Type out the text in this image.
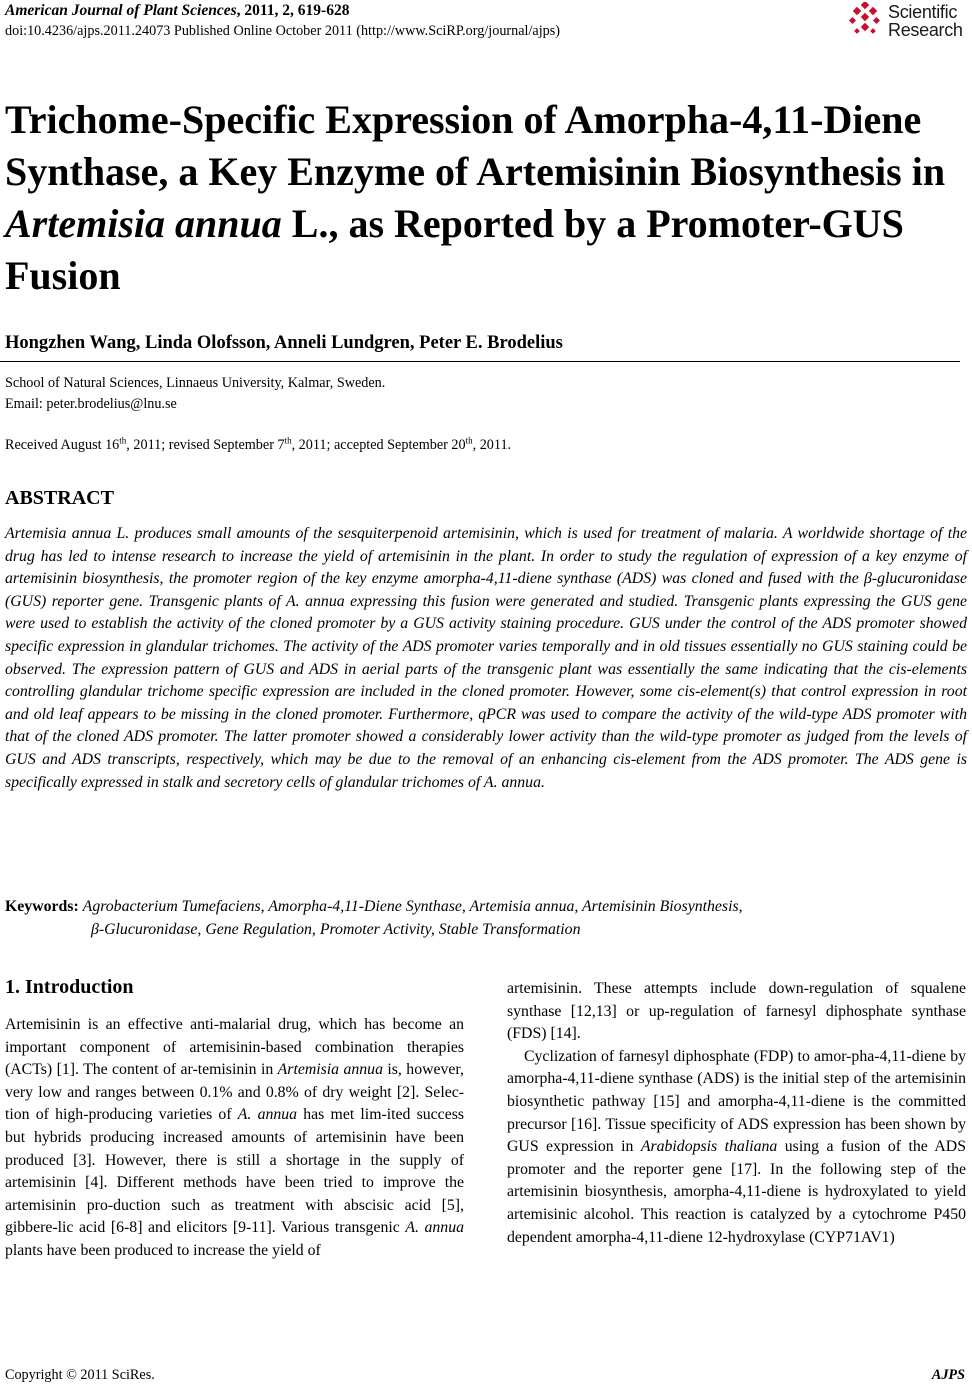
American Journal of Plant Sciences, 2011, 2, 619-628
doi:10.4236/ajps.2011.24073 Published Online October 2011 (http://www.SciRP.org/journal/ajps)
Scientific
Research
Trichome-Specific Expression of Amorpha-4,11-Diene Synthase, a Key Enzyme of Artemisinin Biosynthesis in Artemisia annua L., as Reported by a Promoter-GUS Fusion
Hongzhen Wang, Linda Olofsson, Anneli Lundgren, Peter E. Brodelius
School of Natural Sciences, Linnaeus University, Kalmar, Sweden.
Email: peter.brodelius@lnu.se
Received August 16th, 2011; revised September 7th, 2011; accepted September 20th, 2011.
ABSTRACT
Artemisia annua L. produces small amounts of the sesquiterpenoid artemisinin, which is used for treatment of malaria. A worldwide shortage of the drug has led to intense research to increase the yield of artemisinin in the plant. In order to study the regulation of expression of a key enzyme of artemisinin biosynthesis, the promoter region of the key enzyme amorpha-4,11-diene synthase (ADS) was cloned and fused with the β-glucuronidase (GUS) reporter gene. Transgenic plants of A. annua expressing this fusion were generated and studied. Transgenic plants expressing the GUS gene were used to establish the activity of the cloned promoter by a GUS activity staining procedure. GUS under the control of the ADS promoter showed specific expression in glandular trichomes. The activity of the ADS promoter varies temporally and in old tissues essentially no GUS staining could be observed. The expression pattern of GUS and ADS in aerial parts of the transgenic plant was essentially the same indicating that the cis-elements controlling glandular trichome specific expression are included in the cloned promoter. However, some cis-element(s) that control expression in root and old leaf appears to be missing in the cloned promoter. Furthermore, qPCR was used to compare the activity of the wild-type ADS promoter with that of the cloned ADS promoter. The latter promoter showed a considerably lower activity than the wild-type promoter as judged from the levels of GUS and ADS transcripts, respectively, which may be due to the removal of an enhancing cis-element from the ADS promoter. The ADS gene is specifically expressed in stalk and secretory cells of glandular trichomes of A. annua.
Keywords: Agrobacterium Tumefaciens, Amorpha-4,11-Diene Synthase, Artemisia annua, Artemisinin Biosynthesis,
β-Glucuronidase, Gene Regulation, Promoter Activity, Stable Transformation
1. Introduction

Artemisinin is an effective anti-malarial drug, which has become an important component of artemisinin-based combination therapies (ACTs) [1]. The content of ar-temisinin in Artemisia annua is, however, very low and ranges between 0.1% and 0.8% of dry weight [2]. Selec-tion of high-producing varieties of A. annua has met lim-ited success but hybrids producing increased amounts of artemisinin have been produced [3]. However, there is still a shortage in the supply of artemisinin [4]. Different methods have been tried to improve the artemisinin pro-duction such as treatment with abscisic acid [5], gibbere-lic acid [6-8] and elicitors [9-11]. Various transgenic A. annua plants have been produced to increase the yield of

artemisinin. These attempts include down-regulation of squalene synthase [12,13] or up-regulation of farnesyl diphosphate synthase (FDS) [14].

Cyclization of farnesyl diphosphate (FDP) to amor-pha-4,11-diene by amorpha-4,11-diene synthase (ADS) is the initial step of the artemisinin biosynthetic pathway [15] and amorpha-4,11-diene is the committed precursor [16]. Tissue specificity of ADS expression has been shown by GUS expression in Arabidopsis thaliana using a fusion of the ADS promoter and the reporter gene [17]. In the following step of the artemisinin biosynthesis, amorpha-4,11-diene is hydroxylated to yield artemisinic alcohol. This reaction is catalyzed by a cytochrome P450 dependent amorpha-4,11-diene 12-hydroxylase (CYP71AV1)

Copyright © 2011 SciRes.	AJPS
